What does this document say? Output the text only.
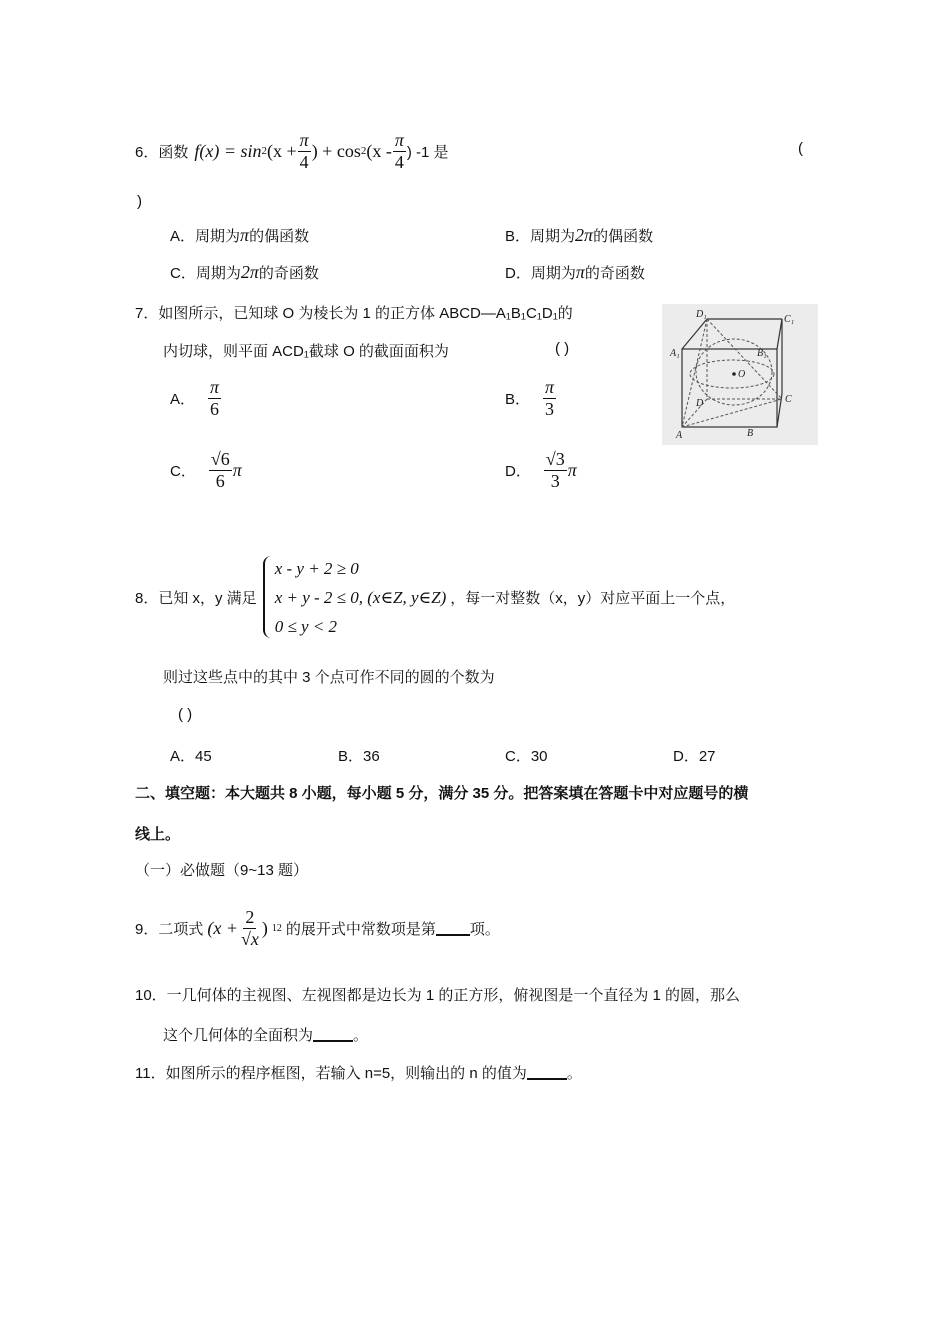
6． 函数 f(x) = sin 2 ($x + \frac{\pi}{4}$ ) + cos 2 ($x - \frac{\pi}{4}$ ) -1 是	(
)
A．周期为π的偶函数	B．周期为2π的偶函数
C．周期为2π的奇函数	D．周期为π的奇函数
7．如图所示，已知球 O 为棱长为 1 的正方体 ABCD—A₁B₁C₁D₁的
内切球，则平面 ACD₁截球 O 的截面面积为	( )
A． $\frac{\pi}{6}$	B． $\frac{\pi}{3}$
C． $\frac{√6}{6}$ π	D． $\frac{√3}{3}$ π
D₁	C₁
A₁	B₁
O
D	C
A	B
8．已知 x，y 满足
x - y + 2 ≥ 0
x + y - 2 ≤ 0, (x∈Z, y∈Z)
0 ≤ y < 2
，每一对整数（x，y）对应平面上一个点，
则过这些点中的其中 3 个点可作不同的圆的个数为
( )
A．45	B．36	C．30	D．27
二、填空题：本大题共 8 小题，每小题 5 分，满分 35 分。把答案填在答题卡中对应题号的横
线上。
（一）必做题（9~13 题）
9．二项式 ($x + \frac{2}{√x}$ ) 12 的展开式中常数项是第 项。
10．一几何体的主视图、左视图都是边长为 1 的正方形，俯视图是一个直径为 1 的圆，那么
这个几何体的全面积为	。
11．如图所示的程序框图，若输入 n=5，则输出的 n 的值为	。
